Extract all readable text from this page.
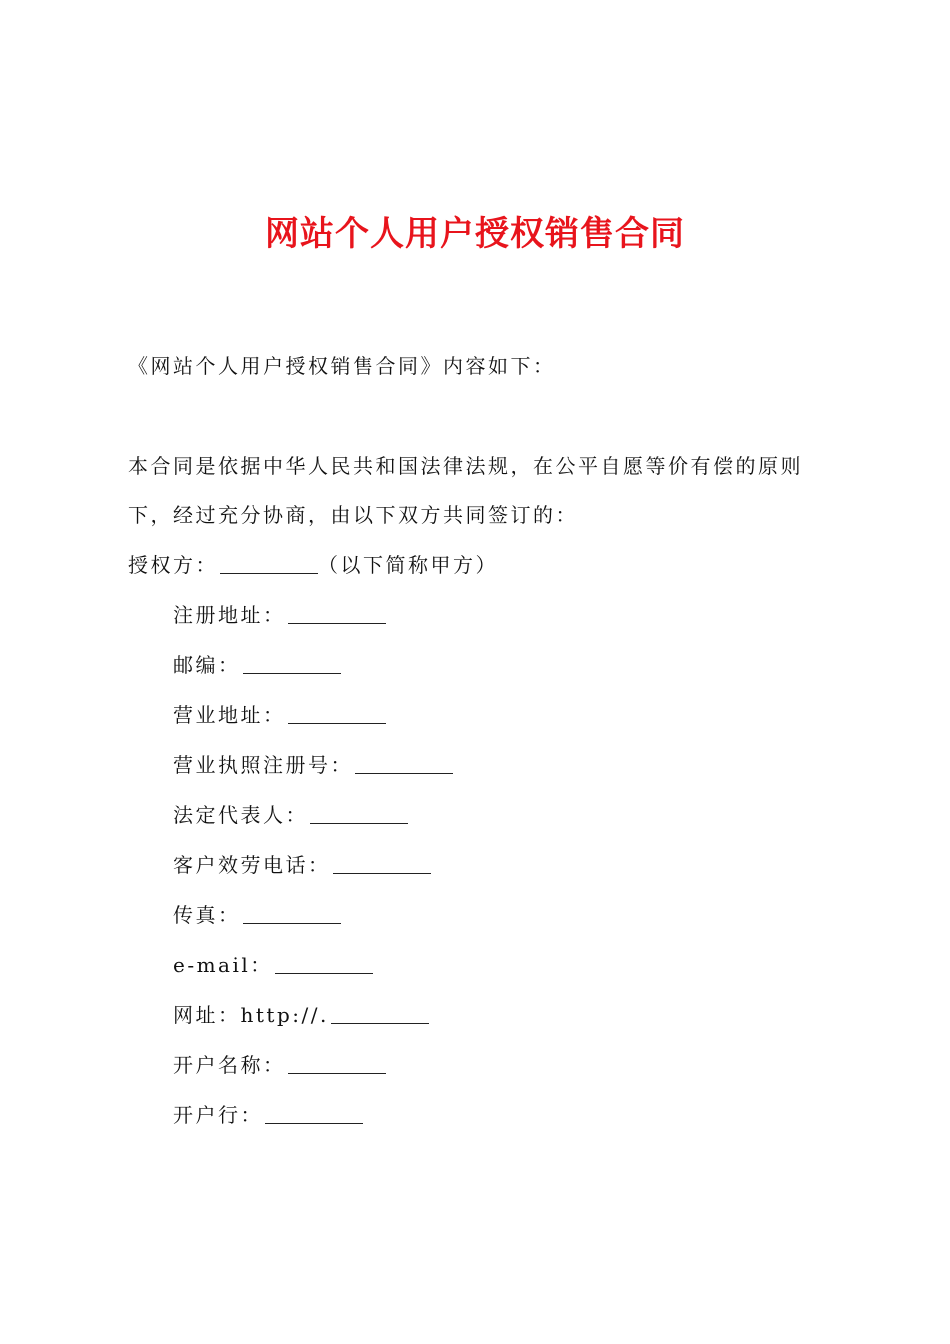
网站个人用户授权销售合同
《网站个人用户授权销售合同》内容如下：
本合同是依据中华人民共和国法律法规，在公平自愿等价有偿的原则
下，经过充分协商，由以下双方共同签订的：
授权方：	（以下简称甲方）
注册地址：
邮编：
营业地址：
营业执照注册号：
法定代表人：
客户效劳电话：
传真：
e-mail：
网址：http://.
开户名称：
开户行：
